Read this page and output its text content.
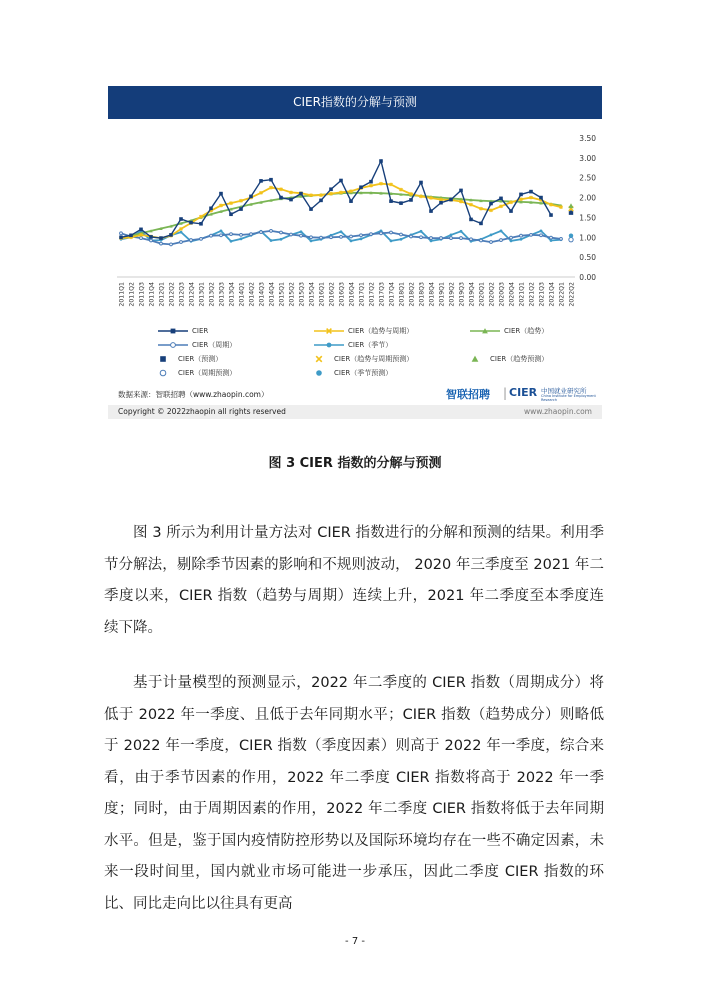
CIER指数的分解与预测
0.00
0.50
1.00
1.50
2.00
2.50
3.00
3.50
2011Q1 2011Q2 2011Q3 2011Q4 2012Q1 2012Q2 2012Q3 2012Q4 2013Q1 2013Q2 2013Q3 2013Q4 2014Q1 2014Q2 2014Q3 2014Q4 2015Q1 2015Q2 2015Q3 2015Q4 2016Q1 2016Q2 2016Q3 2016Q4 2017Q1 2017Q2 2017Q3 2017Q4 2018Q1 2018Q2 2018Q3 2018Q4 2019Q1 2019Q2 2019Q3 2019Q4 2020Q1 2020Q2 2020Q3 2020Q4 2021Q1 2021Q2 2021Q3 2021Q4 2022Q1 2022Q2
CIER	CIER（趋势与周期）	CIER（趋势）
CIER（周期）	CIER（季节）
CIER（预测）	CIER（趋势与周期预测）	CIER（趋势预测）
CIER（周期预测）	CIER（季节预测）
数据来源：智联招聘（www.zhaopin.com）	智联招聘 | CIER 中国就业研究所
China Institute for Employment Research
Copyright © 2022zhaopin all rights reserved	www.zhaopin.com
图 3 CIER 指数的分解与预测

图 3 所示为利用计量方法对 CIER 指数进行的分解和预测的结果。利用季节分解法，剔除季节因素的影响和不规则波动， 2020 年三季度至 2021 年二季度以来，CIER 指数（趋势与周期）连续上升，2021 年二季度至本季度连续下降。

基于计量模型的预测显示，2022 年二季度的 CIER 指数（周期成分）将低于 2022 年一季度、且低于去年同期水平；CIER 指数（趋势成分）则略低于 2022 年一季度，CIER 指数（季度因素）则高于 2022 年一季度，综合来看，由于季节因素的作用，2022 年二季度 CIER 指数将高于 2022 年一季度；同时，由于周期因素的作用，2022 年二季度 CIER 指数将低于去年同期水平。但是，鉴于国内疫情防控形势以及国际环境均存在一些不确定因素，未来一段时间里，国内就业市场可能进一步承压，因此二季度 CIER 指数的环比、同比走向比以往具有更高

- 7 -
